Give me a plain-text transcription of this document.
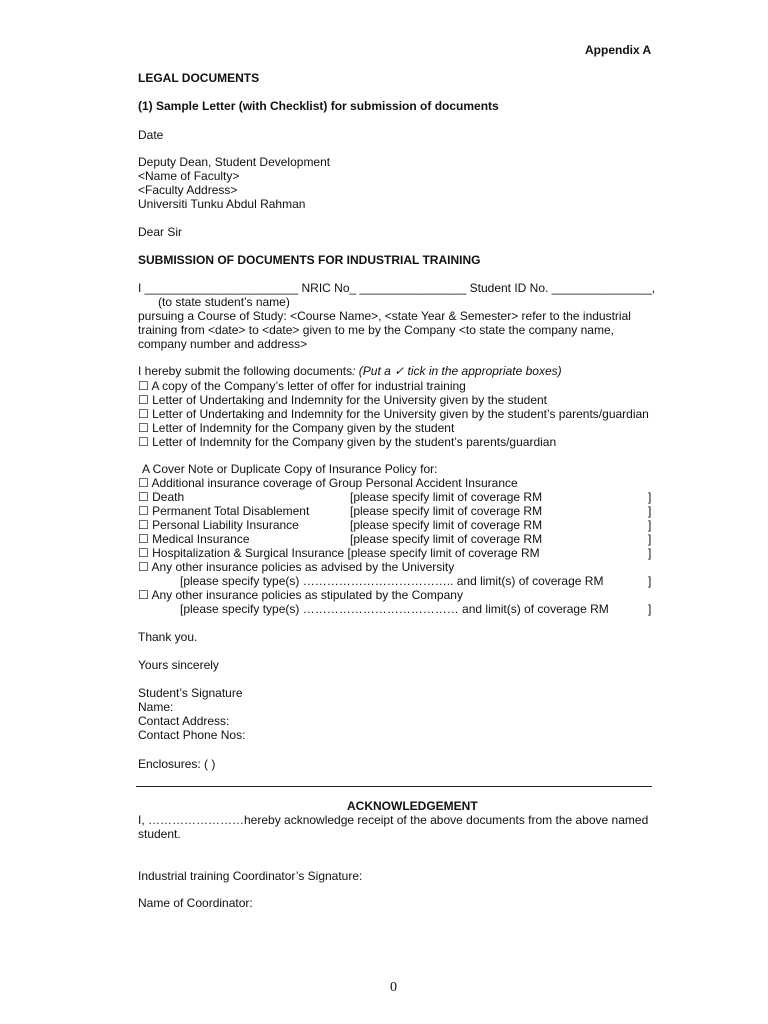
Appendix A
LEGAL DOCUMENTS
(1) Sample Letter (with Checklist) for submission of documents
Date
Deputy Dean, Student Development
<Name of Faculty>
<Faculty Address>
Universiti Tunku Abdul Rahman
Dear Sir
SUBMISSION OF DOCUMENTS FOR INDUSTRIAL TRAINING
I _______________________ NRIC No_ ________________ Student ID No. _______________,
(to state student’s name)
pursuing a Course of Study: <Course Name>, <state Year & Semester> refer to the industrial
training from <date> to <date> given to me by the Company <to state the company name,
company number and address>
I hereby submit the following documents: (Put a ✓ tick in the appropriate boxes)
☐ A copy of the Company’s letter of offer for industrial training
☐ Letter of Undertaking and Indemnity for the University given by the student
☐ Letter of Undertaking and Indemnity for the University given by the student’s parents/guardian
☐ Letter of Indemnity for the Company given by the student
☐ Letter of Indemnity for the Company given by the student’s parents/guardian
A Cover Note or Duplicate Copy of Insurance Policy for:
☐ Additional insurance coverage of Group Personal Accident Insurance
☐ Death	[please specify limit of coverage RM	]
☐ Permanent Total Disablement	[please specify limit of coverage RM	]
☐ Personal Liability Insurance	[please specify limit of coverage RM	]
☐ Medical Insurance	[please specify limit of coverage RM	]
☐ Hospitalization & Surgical Insurance [please specify limit of coverage RM	]
☐ Any other insurance policies as advised by the University
[please specify type(s) ……………………………….. and limit(s) of coverage RM	]
☐ Any other insurance policies as stipulated by the Company
[please specify type(s) ………………………………… and limit(s) of coverage RM	]
Thank you.
Yours sincerely
Student’s Signature
Name:
Contact Address:
Contact Phone Nos:
Enclosures: ( )
ACKNOWLEDGEMENT
I, ……………………hereby acknowledge receipt of the above documents from the above named
student.
Industrial training Coordinator’s Signature:
Name of Coordinator:
0
